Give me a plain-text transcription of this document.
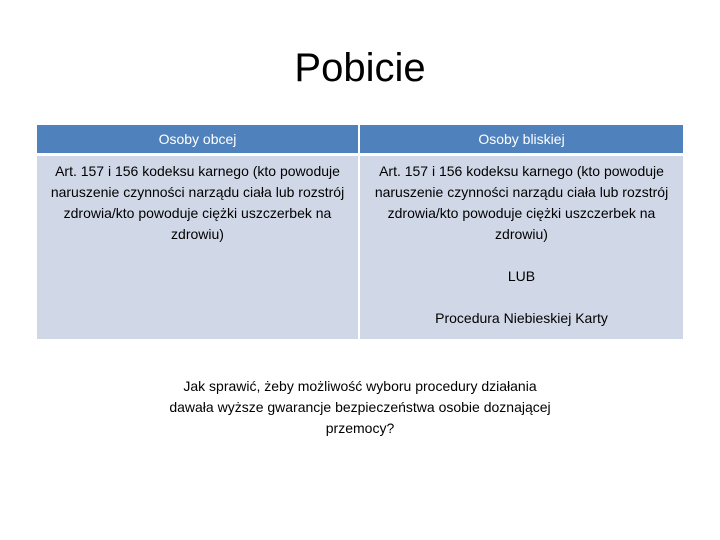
Pobicie
Osoby obcej	Osoby bliskiej

Art. 157 i 156 kodeksu karnego (kto powoduje naruszenie czynności narządu ciała lub rozstrój zdrowia/kto powoduje ciężki uszczerbek na zdrowiu)	Art. 157 i 156 kodeksu karnego (kto powoduje naruszenie czynności narządu ciała lub rozstrój zdrowia/kto powoduje ciężki uszczerbek na zdrowiu)
LUB
Procedura Niebieskiej Karty

Jak sprawić, żeby możliwość wyboru procedury działania dawała wyższe gwarancje bezpieczeństwa osobie doznającej przemocy?
